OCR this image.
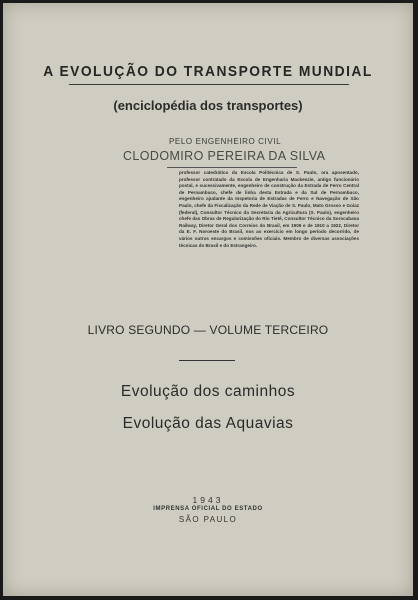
A EVOLUÇÃO DO TRANSPORTE MUNDIAL
(enciclopédia dos transportes)
PELO ENGENHEIRO CIVIL
CLODOMIRO PEREIRA DA SILVA
professor catedrático da Escola Politécnica de S. Paulo, ora aposentado, professor contratado da Escola de Engenharia Mackenzie, antigo funcionário postal, e sucessivamente, engenheiro de construção da Estrada de Ferro Central de Pernambuco, chefe de linha desta Estrada e da Sul de Pernambuco, engenheiro ajudante da Inspetoria de Estradas de Ferro e Navegação de São Paulo, chefe da Fiscalização da Rede de Viação de S. Paulo, Mato Grosso e Goiaz (federal), Consultor Técnico da Secretaria da Agricultura (S. Paulo), engenheiro chefe das Obras de Regularização do Rio Tietê, Consultor Técnico da Sorocabana Railway, Diretor Geral dos Correios do Brasil, em 1909 e de 1910 a 1922, Diretor da E. F. Noroeste do Brasil, nos ao exercício em longo período decorrido, de vários outros encargos e comissões oficiais. Membro de diversas associações técnicas do Brasil e do Estrangeiro.
LIVRO SEGUNDO — VOLUME TERCEIRO
Evolução dos caminhos
Evolução das Aquavias
1943
IMPRENSA OFICIAL DO ESTADO
SÃO PAULO
